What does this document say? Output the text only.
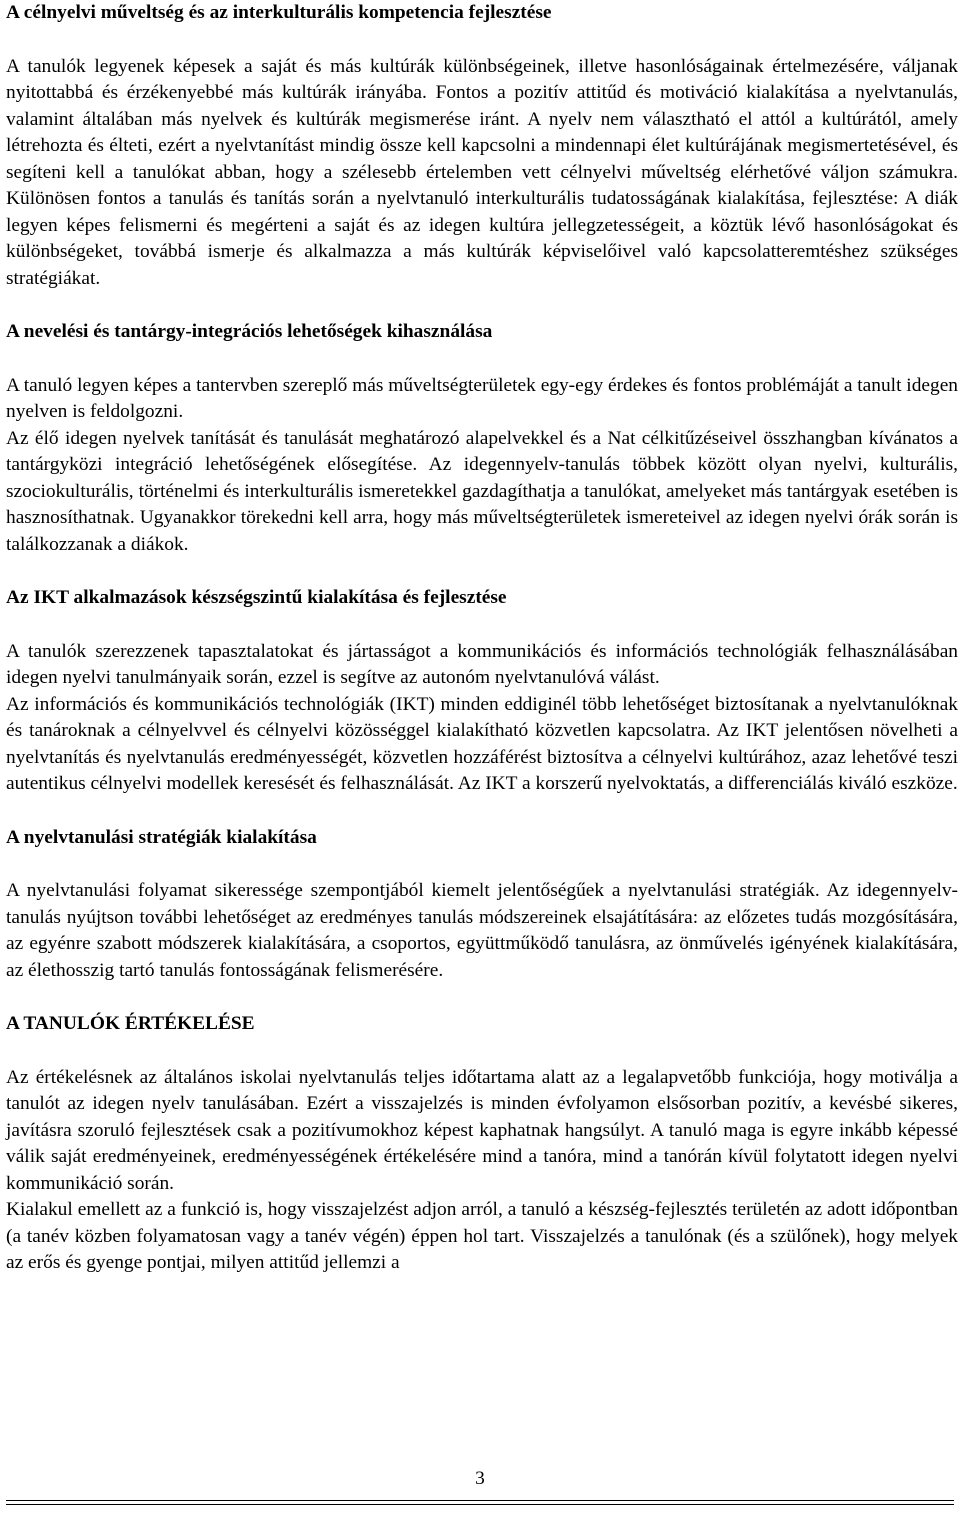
A célnyelvi műveltség és az interkulturális kompetencia fejlesztése
A tanulók legyenek képesek a saját és más kultúrák különbségeinek, illetve hasonlóságainak értelmezésére, váljanak nyitottabbá és érzékenyebbé más kultúrák irányába. Fontos a pozitív attitűd és motiváció kialakítása a nyelvtanulás, valamint általában más nyelvek és kultúrák megismerése iránt. A nyelv nem választható el attól a kultúrától, amely létrehozta és élteti, ezért a nyelvtanítást mindig össze kell kapcsolni a mindennapi élet kultúrájának megismertetésével, és segíteni kell a tanulókat abban, hogy a szélesebb értelemben vett célnyelvi műveltség elérhetővé váljon számukra. Különösen fontos a tanulás és tanítás során a nyelvtanuló interkulturális tudatosságának kialakítása, fejlesztése: A diák legyen képes felismerni és megérteni a saját és az idegen kultúra jellegzetességeit, a köztük lévő hasonlóságokat és különbségeket, továbbá ismerje és alkalmazza a más kultúrák képviselőivel való kapcsolatteremtéshez szükséges stratégiákat.
A nevelési és tantárgy-integrációs lehetőségek kihasználása
A tanuló legyen képes a tantervben szereplő más műveltségterületek egy-egy érdekes és fontos problémáját a tanult idegen nyelven is feldolgozni.
Az élő idegen nyelvek tanítását és tanulását meghatározó alapelvekkel és a Nat célkitűzéseivel összhangban kívánatos a tantárgyközi integráció lehetőségének elősegítése. Az idegennyelv-tanulás többek között olyan nyelvi, kulturális, szociokulturális, történelmi és interkulturális ismeretekkel gazdagíthatja a tanulókat, amelyeket más tantárgyak esetében is hasznosíthatnak. Ugyanakkor törekedni kell arra, hogy más műveltségterületek ismereteivel az idegen nyelvi órák során is találkozzanak a diákok.
Az IKT alkalmazások készségszintű kialakítása és fejlesztése
A tanulók szerezzenek tapasztalatokat és jártasságot a kommunikációs és információs technológiák felhasználásában idegen nyelvi tanulmányaik során, ezzel is segítve az autonóm nyelvtanulóvá válást.
Az információs és kommunikációs technológiák (IKT) minden eddiginél több lehetőséget biztosítanak a nyelvtanulóknak és tanároknak a célnyelvvel és célnyelvi közösséggel kialakítható közvetlen kapcsolatra. Az IKT jelentősen növelheti a nyelvtanítás és nyelvtanulás eredményességét, közvetlen hozzáférést biztosítva a célnyelvi kultúrához, azaz lehetővé teszi autentikus célnyelvi modellek keresését és felhasználását. Az IKT a korszerű nyelvoktatás, a differenciálás kiváló eszköze.
A nyelvtanulási stratégiák kialakítása
A nyelvtanulási folyamat sikeressége szempontjából kiemelt jelentőségűek a nyelvtanulási stratégiák. Az idegennyelv-tanulás nyújtson további lehetőséget az eredményes tanulás módszereinek elsajátítására: az előzetes tudás mozgósítására, az egyénre szabott módszerek kialakítására, a csoportos, együttműködő tanulásra, az önművelés igényének kialakítására, az élethosszig tartó tanulás fontosságának felismerésére.
A TANULÓK ÉRTÉKELÉSE
Az értékelésnek az általános iskolai nyelvtanulás teljes időtartama alatt az a legalapvetőbb funkciója, hogy motiválja a tanulót az idegen nyelv tanulásában. Ezért a visszajelzés is minden évfolyamon elsősorban pozitív, a kevésbé sikeres, javításra szoruló fejlesztések csak a pozitívumokhoz képest kaphatnak hangsúlyt. A tanuló maga is egyre inkább képessé válik saját eredményeinek, eredményességének értékelésére mind a tanóra, mind a tanórán kívül folytatott idegen nyelvi kommunikáció során.
Kialakul emellett az a funkció is, hogy visszajelzést adjon arról, a tanuló a készség-fejlesztés területén az adott időpontban (a tanév közben folyamatosan vagy a tanév végén) éppen hol tart. Visszajelzés a tanulónak (és a szülőnek), hogy melyek az erős és gyenge pontjai, milyen attitűd jellemzi a
3
